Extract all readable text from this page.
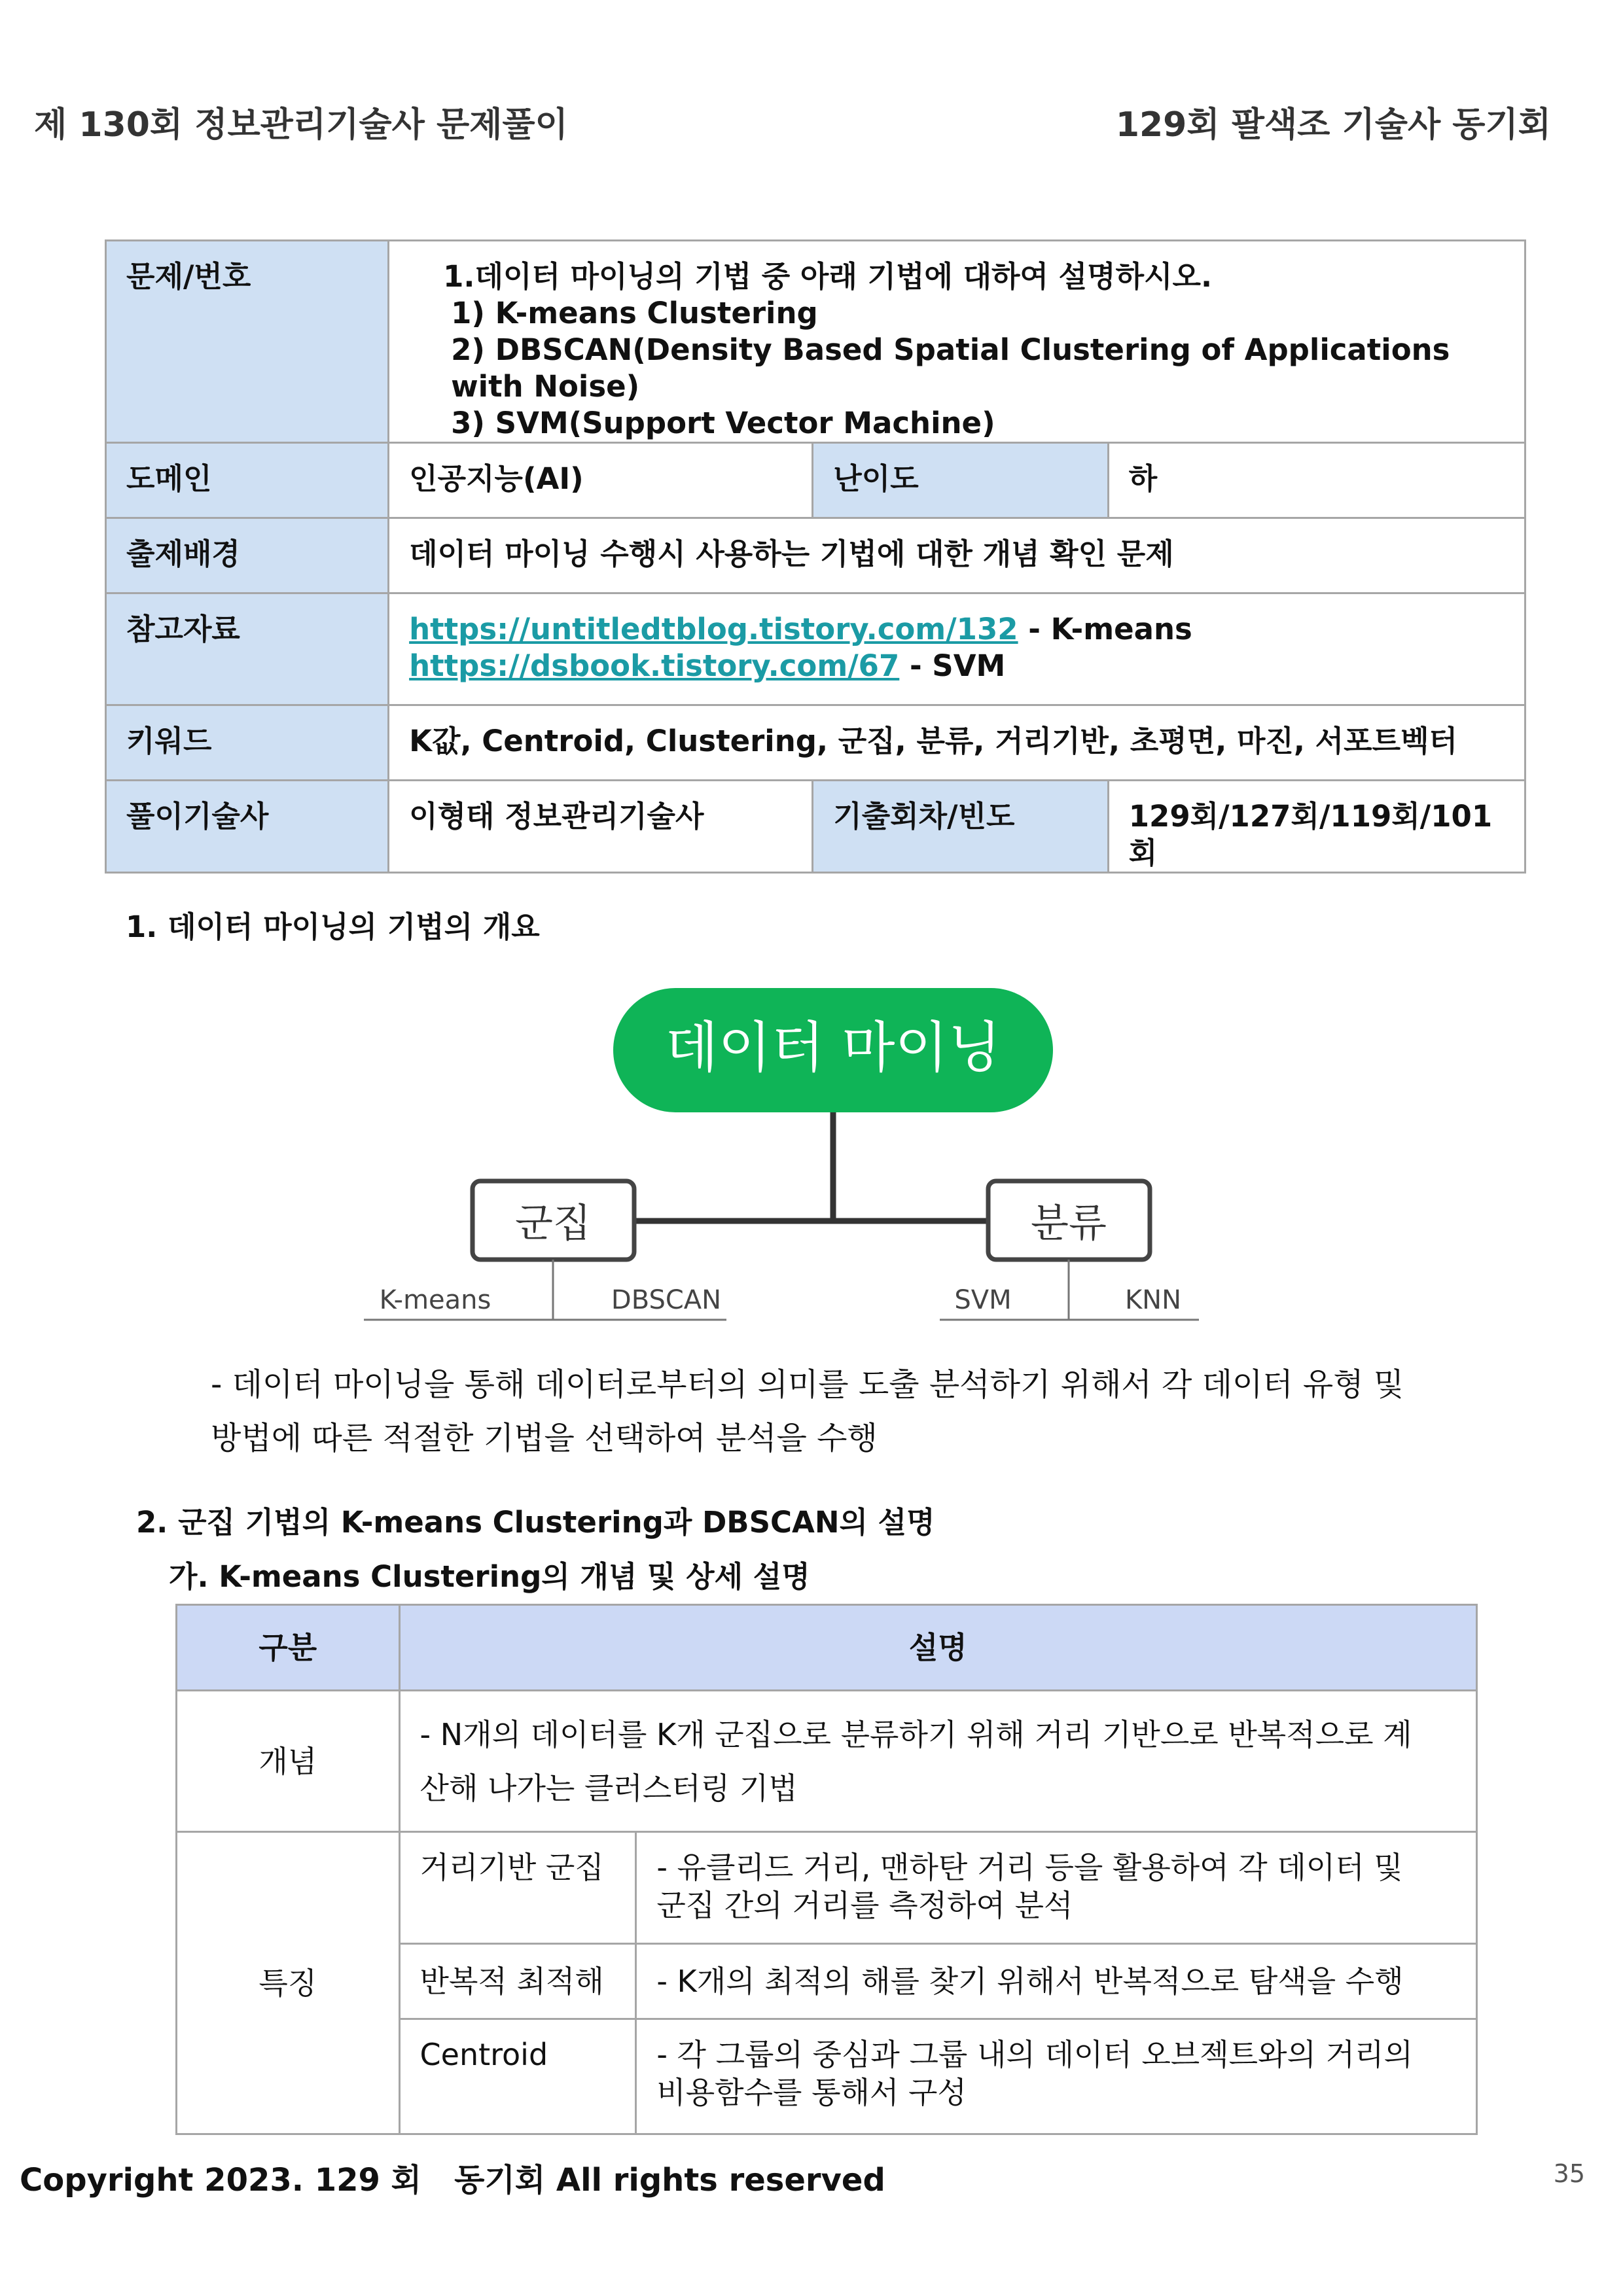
제 130회 정보관리기술사 문제풀이	129회 팔색조 기술사 동기회
문제/번호	1.데이터 마이닝의 기법 중 아래 기법에 대하여 설명하시오.
1) K-means Clustering
2) DBSCAN(Density Based Spatial Clustering of Applications with Noise)
3) SVM(Support Vector Machine)		

도메인	인공지능(AI)	난이도	하
출제배경	데이터 마이닝 수행시 사용하는 기법에 대한 개념 확인 문제		
참고자료	https://untitledtblog.tistory.com/132 - K-means
https://dsbook.tistory.com/67 - SVM		

키워드	K값, Centroid, Clustering, 군집, 분류, 거리기반, 초평면, 마진, 서포트벡터		
풀이기술사	이형태 정보관리기술사	기출회차/빈도	129회/127회/119회/101회
1. 데이터 마이닝의 기법의 개요
데이터 마이닝
군집	분류
K-means	DBSCAN	SVM	KNN
- 데이터 마이닝을 통해 데이터로부터의 의미를 도출 분석하기 위해서 각 데이터 유형 및
방법에 따른 적절한 기법을 선택하여 분석을 수행
2. 군집 기법의 K-means Clustering과 DBSCAN의 설명
가. K-means Clustering의 개념 및 상세 설명
구분	설명	
개념	- N개의 데이터를 K개 군집으로 분류하기 위해 거리 기반으로 반복적으로 계
산해 나가는 클러스터링 기법	

특징	거리기반 군집	- 유클리드 거리, 맨하탄 거리 등을 활용하여 각 데이터 및
군집 간의 거리를 측정하여 분석

	반복적 최적해	- K개의 최적의 해를 찾기 위해서 반복적으로 탐색을 수행
	Centroid	- 각 그룹의 중심과 그룹 내의 데이터 오브젝트와의 거리의
비용함수를 통해서 구성
Copyright 2023. 129 회   동기회 All rights reserved	35
